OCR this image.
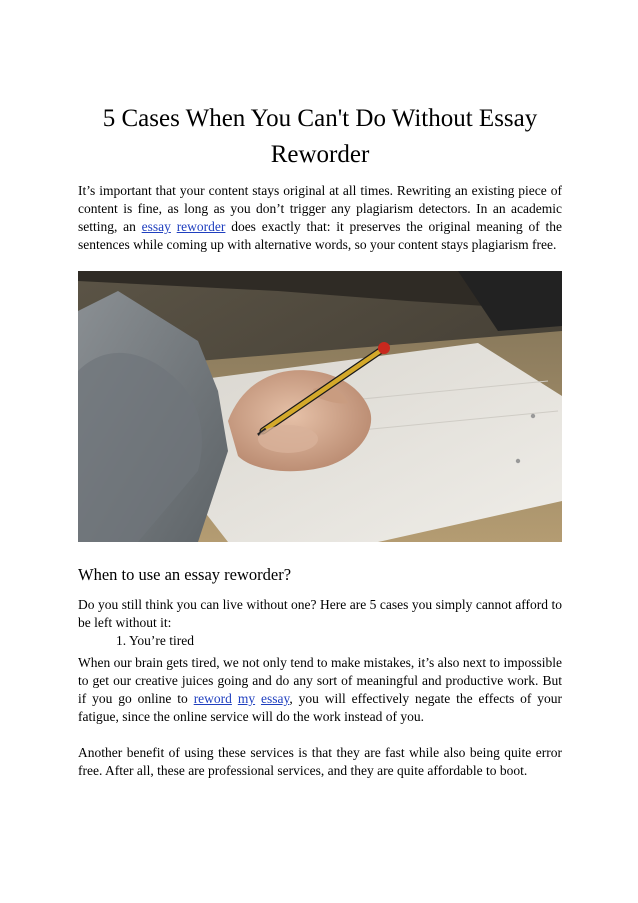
5 Cases When You Can't Do Without Essay Reworder

It’s important that your content stays original at all times. Rewriting an existing piece of content is fine, as long as you don’t trigger any plagiarism detectors. In an academic setting, an essay reworder does exactly that: it preserves the original meaning of the sentences while coming up with alternative words, so your content stays plagiarism free.

When to use an essay reworder?

Do you still think you can live without one? Here are 5 cases you simply cannot afford to be left without it:

1. You’re tired

When our brain gets tired, we not only tend to make mistakes, it’s also next to impossible to get our creative juices going and do any sort of meaningful and productive work. But if you go online to reword my essay, you will effectively negate the effects of your fatigue, since the online service will do the work instead of you.

Another benefit of using these services is that they are fast while also being quite error free. After all, these are professional services, and they are quite affordable to boot.
